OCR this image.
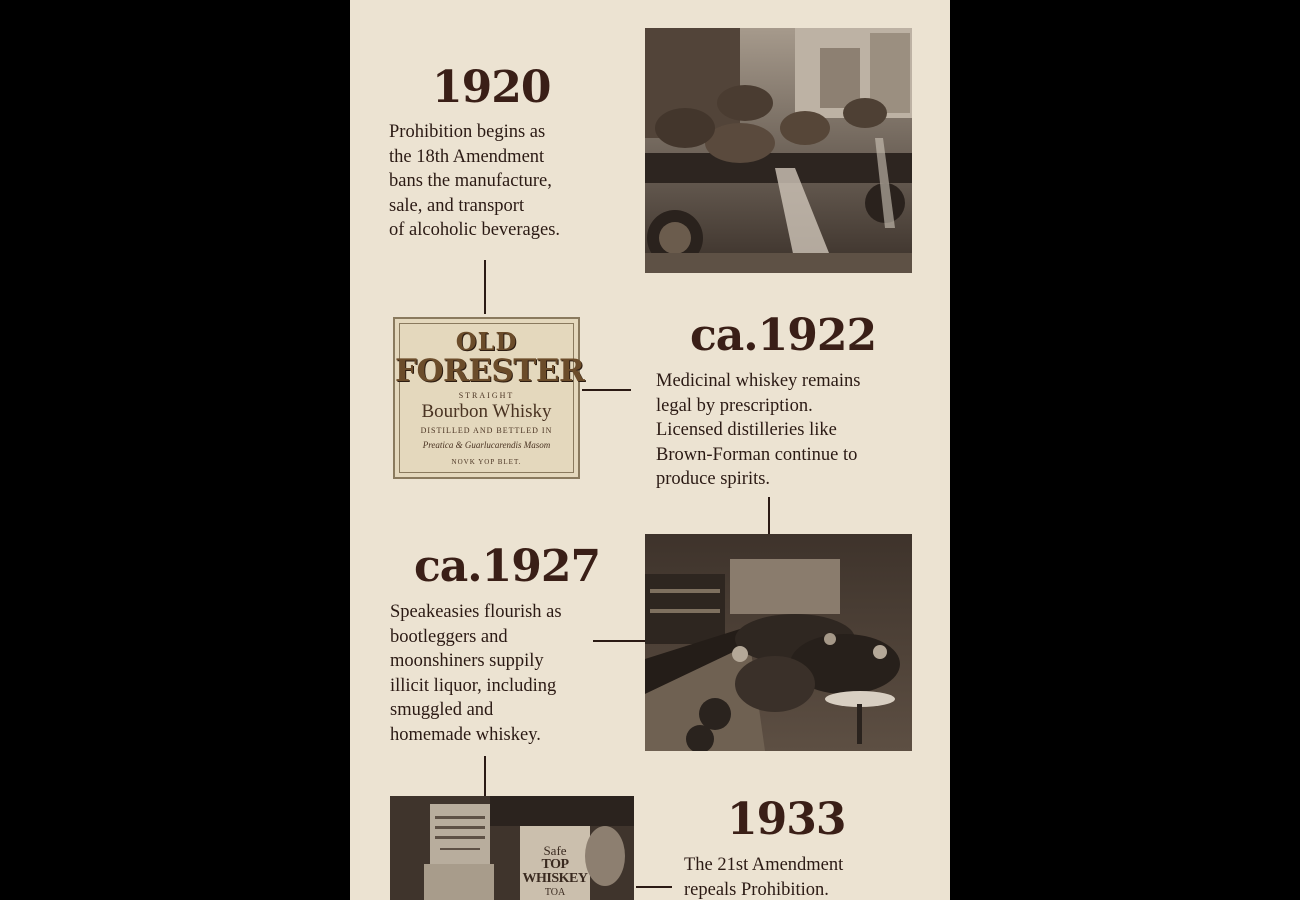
1920
Prohibition begins as
the 18th Amendment
bans the manufacture,
sale, and transport
of alcoholic beverages.
OLD
FORESTER
STRAIGHT
Bourbon Whisky
DISTILLED AND BETTLED IN
Preatica & Guarlucarendis Masom
NOVK YOP BLET.
ca.1922
Medicinal whiskey remains
legal by prescription.
Licensed distilleries like
Brown-Forman continue to
produce spirits.
ca.1927
Speakeasies flourish as
bootleggers and
moonshiners suppily
illicit liquor, including
smuggled and
homemade whiskey.
Safe
TOP WHISKEY
TOA
1933
The 21st Amendment
repeals Prohibition.
